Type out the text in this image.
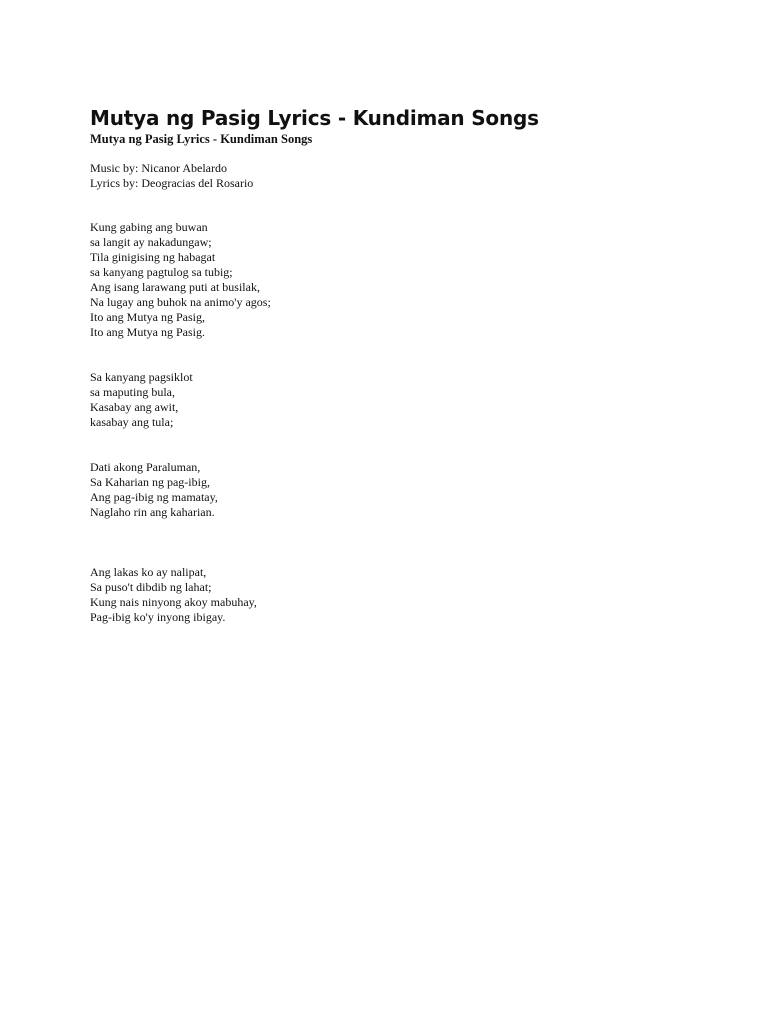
Mutya ng Pasig Lyrics - Kundiman Songs
Mutya ng Pasig Lyrics - Kundiman Songs
Music by: Nicanor Abelardo
Lyrics by: Deogracias del Rosario
Kung gabing ang buwan
sa langit ay nakadungaw;
Tila ginigising ng habagat
sa kanyang pagtulog sa tubig;
Ang isang larawang puti at busilak,
Na lugay ang buhok na animo'y agos;
Ito ang Mutya ng Pasig,
Ito ang Mutya ng Pasig.
Sa kanyang pagsiklot
sa maputing bula,
Kasabay ang awit,
kasabay ang tula;
Dati akong Paraluman,
Sa Kaharian ng pag-ibig,
Ang pag-ibig ng mamatay,
Naglaho rin ang kaharian.
Ang lakas ko ay nalipat,
Sa puso't dibdib ng lahat;
Kung nais ninyong akoy mabuhay,
Pag-ibig ko'y inyong ibigay.
